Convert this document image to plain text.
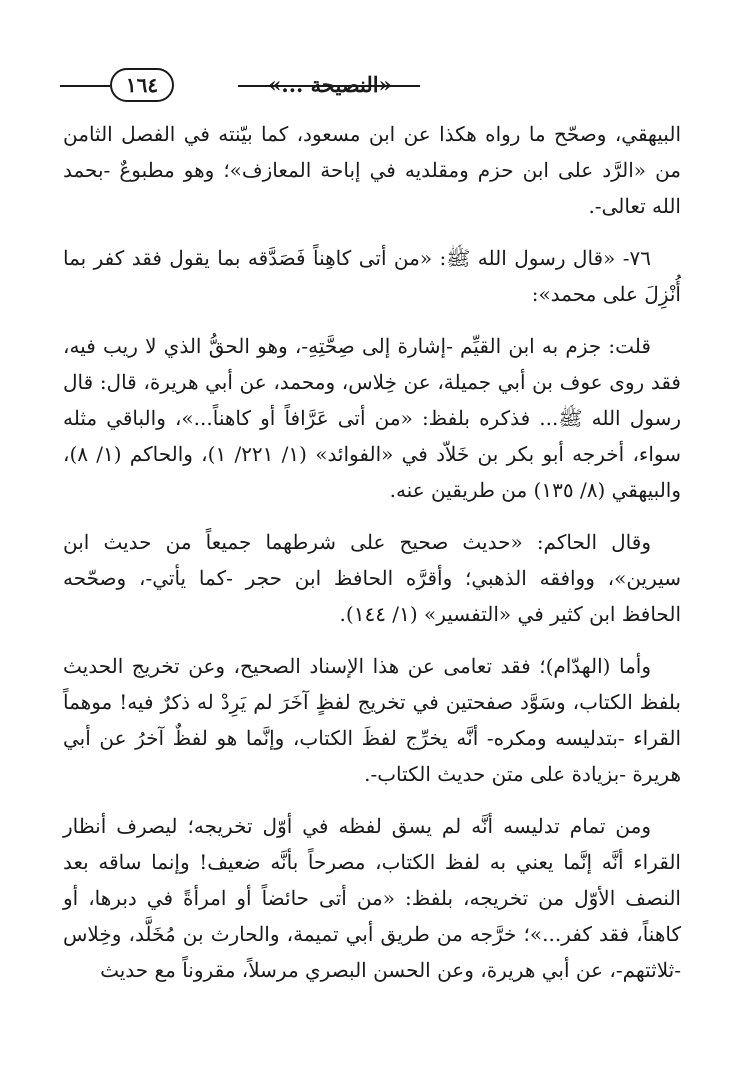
١٦٤	«النصيحة ...»

البيهقي، وصحّح ما رواه هكذا عن ابن مسعود، كما بيّنته في الفصل الثامن من «الرَّد على ابن حزم ومقلديه في إباحة المعازف»؛ وهو مطبوعٌ -بحمد الله تعالى-.

٧٦- «قال رسول الله ﷺ: «من أتى كاهِناً فَصَدَّقه بما يقول فقد كفر بما أُنْزِلَ على محمد»:

قلت: جزم به ابن القيِّم -إشارة إلى صِحَّتِهِ-، وهو الحقُّ الذي لا ريب فيه، فقد روى عوف بن أبي جميلة، عن خِلاس، ومحمد، عن أبي هريرة، قال: قال رسول الله ﷺ... فذكره بلفظ: «من أتى عَرَّافاً أو كاهناً...»، والباقي مثله سواء، أخرجه أبو بكر بن خَلاّد في «الفوائد» (١/ ٢٢١/ ١)، والحاكم (١/ ٨)، والبيهقي (٨/ ١٣٥) من طريقين عنه.

وقال الحاكم: «حديث صحيح على شرطهما جميعاً من حديث ابن سيرين»، ووافقه الذهبي؛ وأقرَّه الحافظ ابن حجر -كما يأتي-، وصحّحه الحافظ ابن كثير في «التفسير» (١/ ١٤٤).

وأما (الهدّام)؛ فقد تعامى عن هذا الإسناد الصحيح، وعن تخريج الحديث بلفظ الكتاب، وسَوَّد صفحتين في تخريج لفظٍ آخَرَ لم يَرِدْ له ذكرٌ فيه! موهماً القراء -بتدليسه ومكره- أنَّه يخرِّج لفظَ الكتاب، وإنَّما هو لفظٌ آخرُ عن أبي هريرة -بزيادة على متن حديث الكتاب-.

ومن تمام تدليسه أنَّه لم يسق لفظه في أوّل تخريجه؛ ليصرف أنظار القراء أنَّه إنَّما يعني به لفظ الكتاب، مصرحاً بأنَّه ضعيف! وإنما ساقه بعد النصف الأوّل من تخريجه، بلفظ: «من أتى حائضاً أو امرأةً في دبرها، أو كاهناً، فقد كفر...»؛ خرَّجه من طريق أبي تميمة، والحارث بن مُخَلَّد، وخِلاس -ثلاثتهم-، عن أبي هريرة، وعن الحسن البصري مرسلاً، مقروناً مع حديث
